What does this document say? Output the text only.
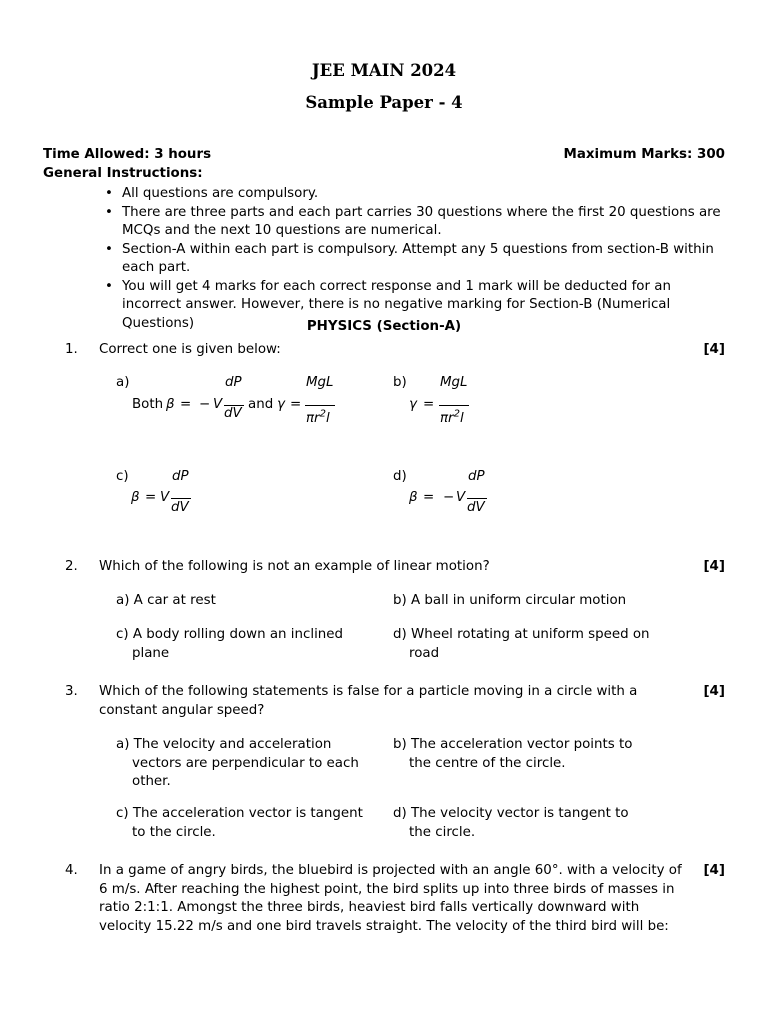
JEE MAIN 2024
Sample Paper - 4
Time Allowed: 3 hours	Maximum Marks: 300
General Instructions:
• All questions are compulsory.
• There are three parts and each part carries 30 questions where the first 20 questions are MCQs and the next 10 questions are numerical.
• Section-A within each part is compulsory. Attempt any 5 questions from section-B within each part.
• You will get 4 marks for each correct response and 1 mark will be deducted for an incorrect answer. However, there is no negative marking for Section-B (Numerical Questions)	PHYSICS (Section-A)
1. Correct one is given below:	[4]
a)
Both β = − V
dP
dV
and γ =
MgL
$\pi r^2l$
b)
γ =
MgL
$\pi r^2l$
c)
β = V
dP
dV
d)
β = − V
dP
dV
2. Which of the following is not an example of linear motion?	[4]
a) A car at rest	b) A ball in uniform circular motion
c) A body rolling down an inclined plane
d) Wheel rotating at uniform speed on road
3. Which of the following statements is false for a particle moving in a circle with a constant angular speed?
[4]
a) The velocity and acceleration vectors are perpendicular to each other.
b) The acceleration vector points to the centre of the circle.
c) The acceleration vector is tangent to the circle.
d) The velocity vector is tangent to the circle.
4. In a game of angry birds, the bluebird is projected with an angle 60°. with a velocity of 6 m/s. After reaching the highest point, the bird splits up into three birds of masses in ratio 2:1:1. Amongst the three birds, heaviest bird falls vertically downward with velocity 15.22 m/s and one bird travels straight. The velocity of the third bird will be:
[4]
